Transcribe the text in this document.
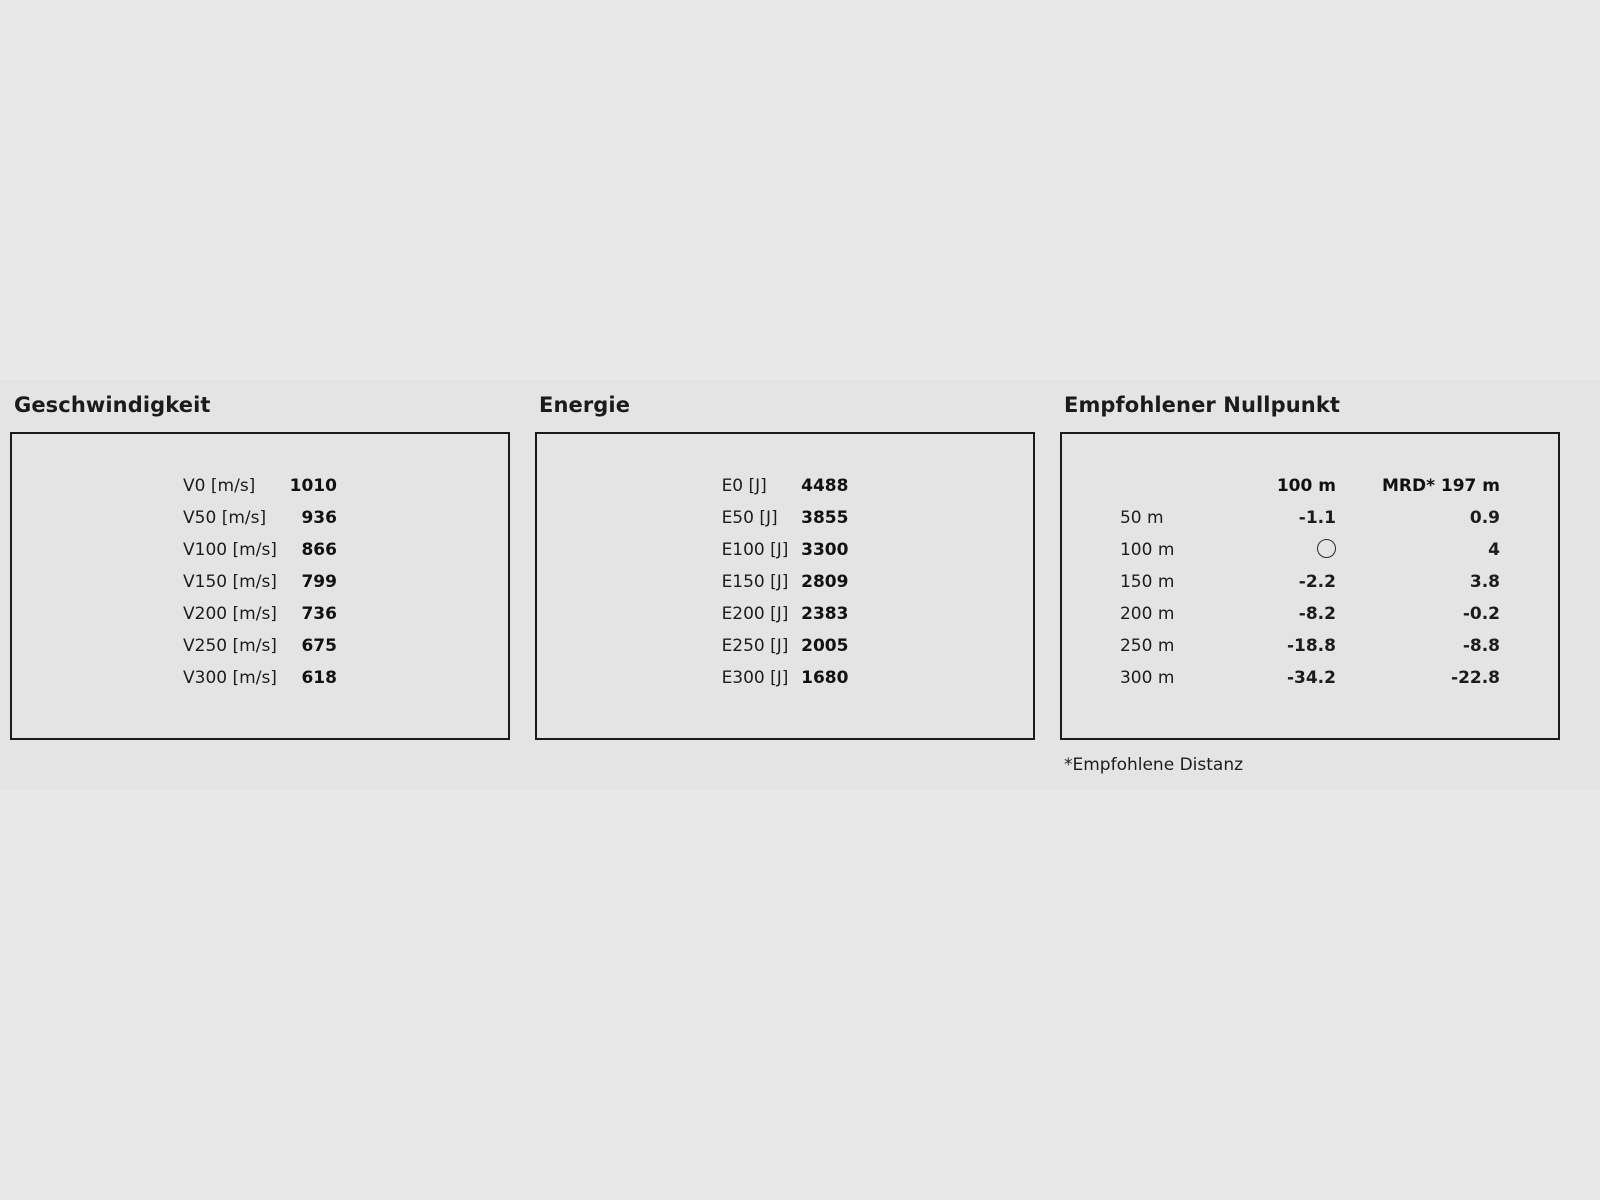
Geschwindigkeit
V0 [m/s]	1010
V50 [m/s]	936
V100 [m/s]	866
V150 [m/s]	799
V200 [m/s]	736
V250 [m/s]	675
V300 [m/s]	618
Energie
E0 [J]	4488
E50 [J]	3855
E100 [J]	3300
E150 [J]	2809
E200 [J]	2383
E250 [J]	2005
E300 [J]	1680
Empfohlener Nullpunkt
	100 m	MRD* 197 m
50 m	-1.1	0.9
100 m		4
150 m	-2.2	3.8
200 m	-8.2	-0.2
250 m	-18.8	-8.8
300 m	-34.2	-22.8
*Empfohlene Distanz
